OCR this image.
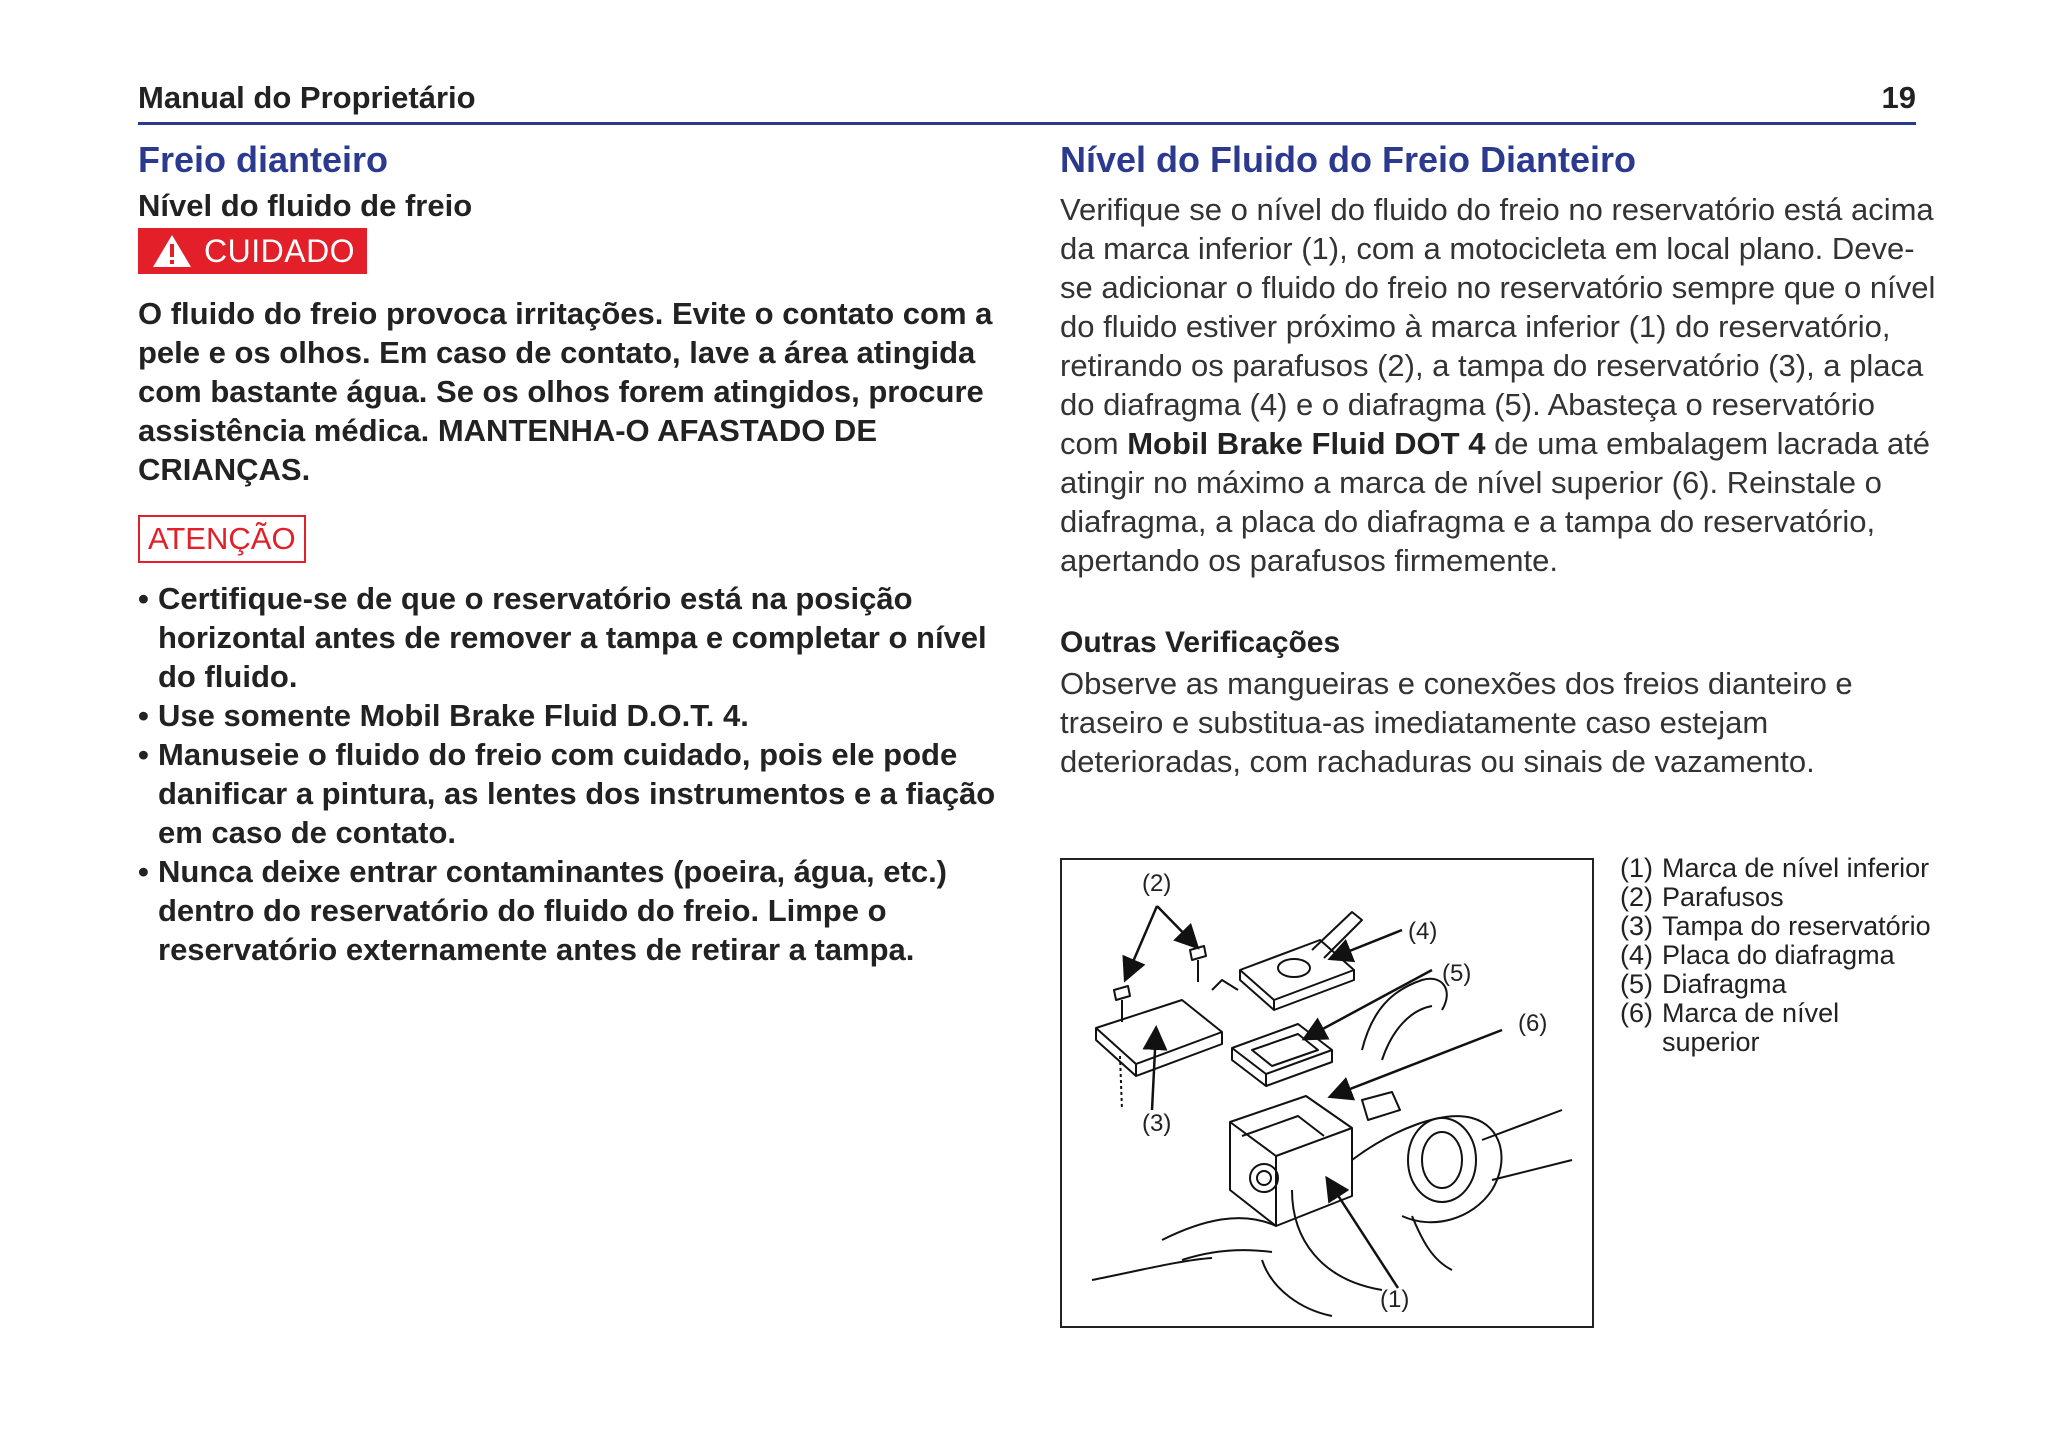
Manual do Proprietário	19
Freio dianteiro
Nível do fluido de freio
CUIDADO
O fluido do freio provoca irritações. Evite o contato com a pele e os olhos. Em caso de contato, lave a área atingida com bastante água. Se os olhos forem atingidos, procure assistência médica. MANTENHA-O AFASTADO DE CRIANÇAS.
ATENÇÃO
• Certifique-se de que o reservatório está na posição horizontal antes de remover a tampa e completar o nível do fluido.
• Use somente Mobil Brake Fluid D.O.T. 4.
• Manuseie o fluido do freio com cuidado, pois ele pode danificar a pintura, as lentes dos instrumentos e a fiação em caso de contato.
• Nunca deixe entrar contaminantes (poeira, água, etc.) dentro do reservatório do fluido do freio. Limpe o reservatório externamente antes de retirar a tampa.
Nível do Fluido do Freio Dianteiro

Verifique se o nível do fluido do freio no reservatório está acima da marca inferior (1), com a motocicleta em local plano. Deve-se adicionar o fluido do freio no reservatório sempre que o nível do fluido estiver próximo à marca inferior (1) do reservatório, retirando os parafusos (2), a tampa do reservatório (3), a placa do diafragma (4) e o diafragma (5). Abasteça o reservatório com Mobil Brake Fluid DOT 4 de uma embalagem lacrada até atingir no máximo a marca de nível superior (6). Reinstale o diafragma, a placa do diafragma e a tampa do reservatório, apertando os parafusos firmemente.

Outras Verificações

Observe as mangueiras e conexões dos freios dianteiro e traseiro e substitua-as imediatamente caso estejam deterioradas, com rachaduras ou sinais de vazamento.

(2)
(4)
(5)
(6)
(3)
(1)
(1) Marca de nível inferior
(2) Parafusos
(3) Tampa do reservatório
(4) Placa do diafragma
(5) Diafragma
(6) Marca de nível superior
